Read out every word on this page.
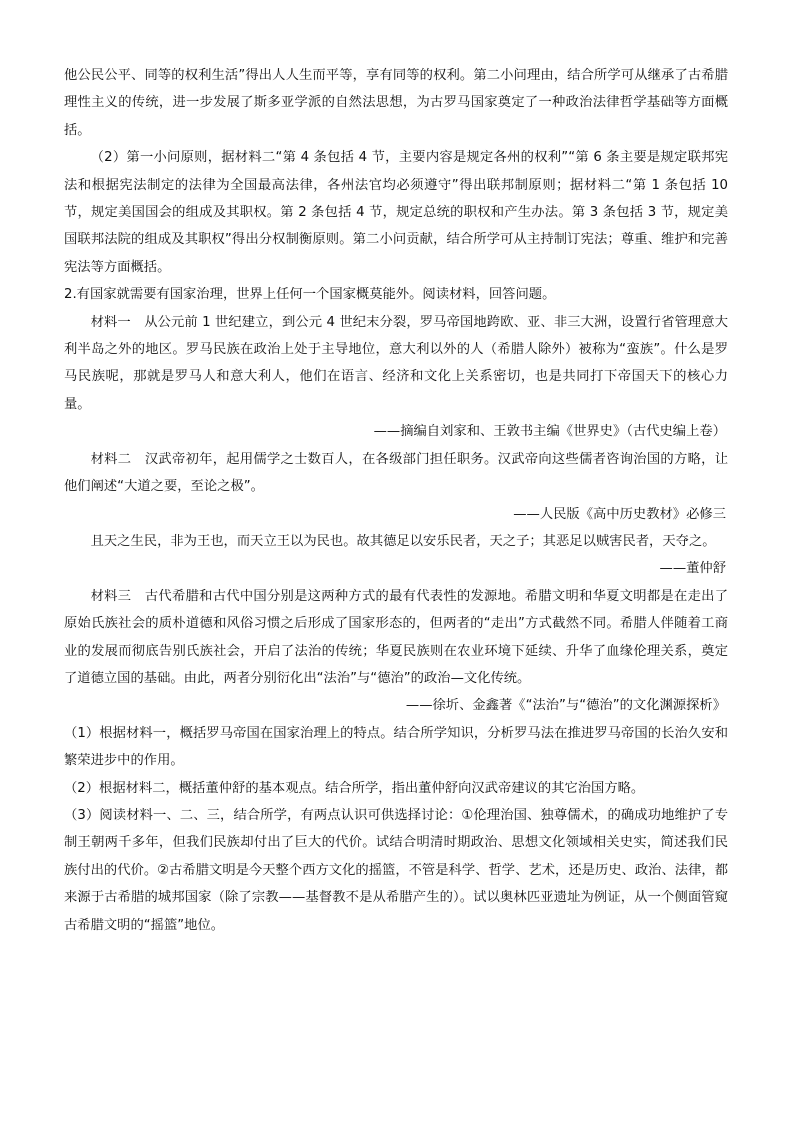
他公民公平、同等的权利生活”得出人人生而平等，享有同等的权利。第二小问理由，结合所学可从继承了古希腊理性主义的传统，进一步发展了斯多亚学派的自然法思想，为古罗马国家奠定了一种政治法律哲学基础等方面概括。

（2）第一小问原则，据材料二“第 4 条包括 4 节，主要内容是规定各州的权利”“第 6 条主要是规定联邦宪法和根据宪法制定的法律为全国最高法律，各州法官均必须遵守”得出联邦制原则；据材料二“第 1 条包括 10 节，规定美国国会的组成及其职权。第 2 条包括 4 节，规定总统的职权和产生办法。第 3 条包括 3 节，规定美国联邦法院的组成及其职权”得出分权制衡原则。第二小问贡献，结合所学可从主持制订宪法；尊重、维护和完善宪法等方面概括。

2.有国家就需要有国家治理，世界上任何一个国家概莫能外。阅读材料，回答问题。

材料一　从公元前 1 世纪建立，到公元 4 世纪末分裂，罗马帝国地跨欧、亚、非三大洲，设置行省管理意大利半岛之外的地区。罗马民族在政治上处于主导地位，意大利以外的人（希腊人除外）被称为“蛮族”。什么是罗马民族呢，那就是罗马人和意大利人，他们在语言、经济和文化上关系密切，也是共同打下帝国天下的核心力量。

——摘编自刘家和、王敦书主编《世界史》（古代史编上卷）

材料二　汉武帝初年，起用儒学之士数百人，在各级部门担任职务。汉武帝向这些儒者咨询治国的方略，让他们阐述“大道之要，至论之极”。

——人民版《高中历史教材》必修三

且天之生民，非为王也，而天立王以为民也。故其德足以安乐民者，天之子；其恶足以贼害民者，天夺之。

——董仲舒

材料三　古代希腊和古代中国分别是这两种方式的最有代表性的发源地。希腊文明和华夏文明都是在走出了原始氏族社会的质朴道德和风俗习惯之后形成了国家形态的，但两者的“走出”方式截然不同。希腊人伴随着工商业的发展而彻底告别氏族社会，开启了法治的传统；华夏民族则在农业环境下延续、升华了血缘伦理关系，奠定了道德立国的基础。由此，两者分别衍化出“法治”与“德治”的政治—文化传统。

——徐圻、金鑫著《“法治”与“德治”的文化渊源探析》

（1）根据材料一，概括罗马帝国在国家治理上的特点。结合所学知识，分析罗马法在推进罗马帝国的长治久安和繁荣进步中的作用。

（2）根据材料二，概括董仲舒的基本观点。结合所学，指出董仲舒向汉武帝建议的其它治国方略。

（3）阅读材料一、二、三，结合所学，有两点认识可供选择讨论：①伦理治国、独尊儒术，的确成功地维护了专制王朝两千多年，但我们民族却付出了巨大的代价。试结合明清时期政治、思想文化领域相关史实，简述我们民族付出的代价。②古希腊文明是今天整个西方文化的摇篮，不管是科学、哲学、艺术，还是历史、政治、法律，都来源于古希腊的城邦国家（除了宗教——基督教不是从希腊产生的）。试以奥林匹亚遗址为例证，从一个侧面管窥古希腊文明的“摇篮”地位。
